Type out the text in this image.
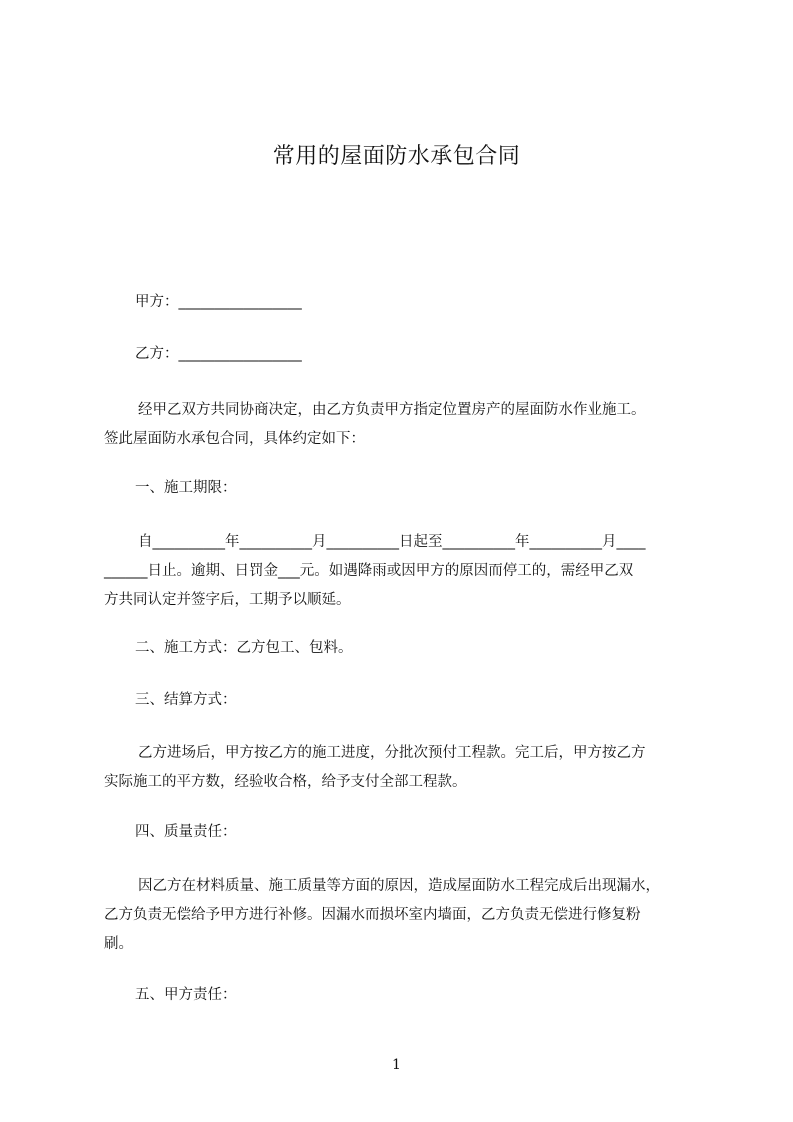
常用的屋面防水承包合同
甲方：_________________
乙方：_________________
经甲乙双方共同协商决定，由乙方负责甲方指定位置房产的屋面防水作业施工。
签此屋面防水承包合同，具体约定如下：
一、施工期限：
自__________年__________月__________日起至__________年__________月____
______日止。逾期、日罚金___元。如遇降雨或因甲方的原因而停工的，需经甲乙双
方共同认定并签字后，工期予以顺延。
二、施工方式：乙方包工、包料。
三、结算方式：
乙方进场后，甲方按乙方的施工进度，分批次预付工程款。完工后，甲方按乙方
实际施工的平方数，经验收合格，给予支付全部工程款。
四、质量责任：
因乙方在材料质量、施工质量等方面的原因，造成屋面防水工程完成后出现漏水，
乙方负责无偿给予甲方进行补修。因漏水而损坏室内墙面，乙方负责无偿进行修复粉
刷。
五、甲方责任：
1
